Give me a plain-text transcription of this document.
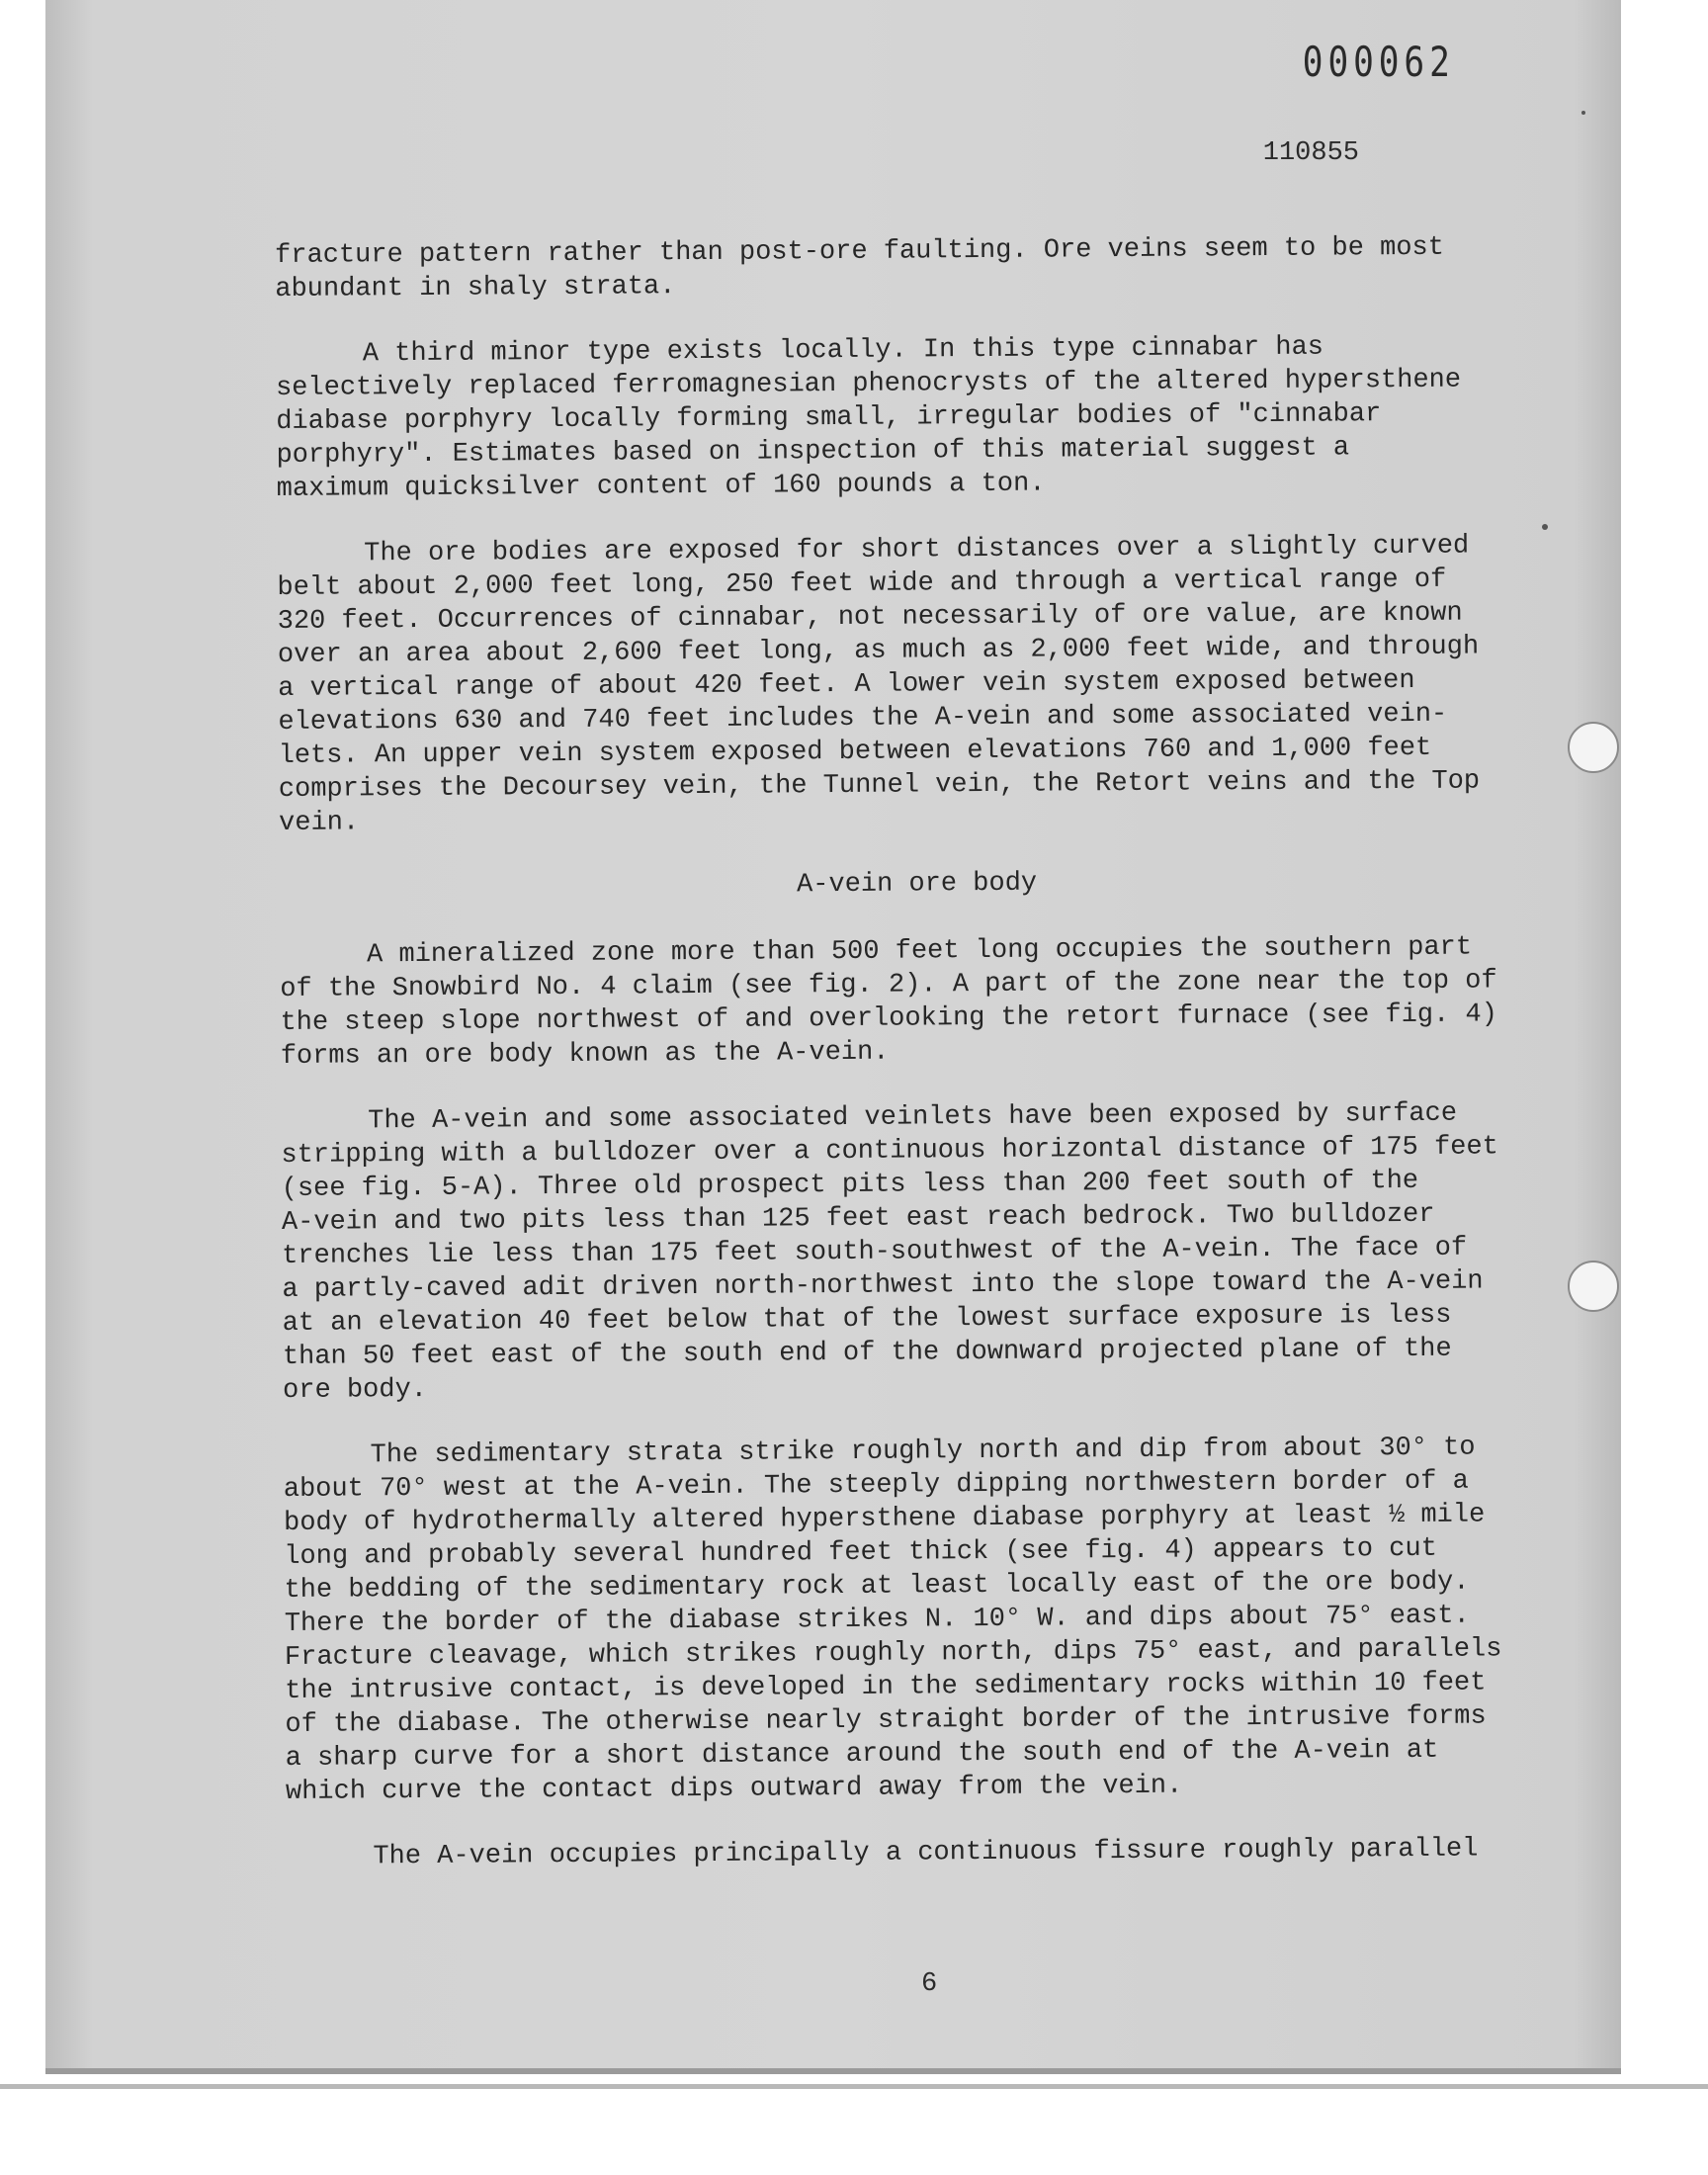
000062
110855

fracture pattern rather than post-ore faulting. Ore veins seem to be most
abundant in shaly strata.

A third minor type exists locally. In this type cinnabar has
selectively replaced ferromagnesian phenocrysts of the altered hypersthene
diabase porphyry locally forming small, irregular bodies of "cinnabar
porphyry". Estimates based on inspection of this material suggest a
maximum quicksilver content of 160 pounds a ton.

The ore bodies are exposed for short distances over a slightly curved
belt about 2,000 feet long, 250 feet wide and through a vertical range of
320 feet. Occurrences of cinnabar, not necessarily of ore value, are known
over an area about 2,600 feet long, as much as 2,000 feet wide, and through
a vertical range of about 420 feet. A lower vein system exposed between
elevations 630 and 740 feet includes the A-vein and some associated vein-
lets. An upper vein system exposed between elevations 760 and 1,000 feet
comprises the Decoursey vein, the Tunnel vein, the Retort veins and the Top
vein.

A-vein ore body

A mineralized zone more than 500 feet long occupies the southern part
of the Snowbird No. 4 claim (see fig. 2). A part of the zone near the top of
the steep slope northwest of and overlooking the retort furnace (see fig. 4)
forms an ore body known as the A-vein.

The A-vein and some associated veinlets have been exposed by surface
stripping with a bulldozer over a continuous horizontal distance of 175 feet
(see fig. 5-A). Three old prospect pits less than 200 feet south of the
A-vein and two pits less than 125 feet east reach bedrock. Two bulldozer
trenches lie less than 175 feet south-southwest of the A-vein. The face of
a partly-caved adit driven north-northwest into the slope toward the A-vein
at an elevation 40 feet below that of the lowest surface exposure is less
than 50 feet east of the south end of the downward projected plane of the
ore body.

The sedimentary strata strike roughly north and dip from about 30° to
about 70° west at the A-vein. The steeply dipping northwestern border of a
body of hydrothermally altered hypersthene diabase porphyry at least ½ mile
long and probably several hundred feet thick (see fig. 4) appears to cut
the bedding of the sedimentary rock at least locally east of the ore body.
There the border of the diabase strikes N. 10° W. and dips about 75° east.
Fracture cleavage, which strikes roughly north, dips 75° east, and parallels
the intrusive contact, is developed in the sedimentary rocks within 10 feet
of the diabase. The otherwise nearly straight border of the intrusive forms
a sharp curve for a short distance around the south end of the A-vein at
which curve the contact dips outward away from the vein.

The A-vein occupies principally a continuous fissure roughly parallel

6
